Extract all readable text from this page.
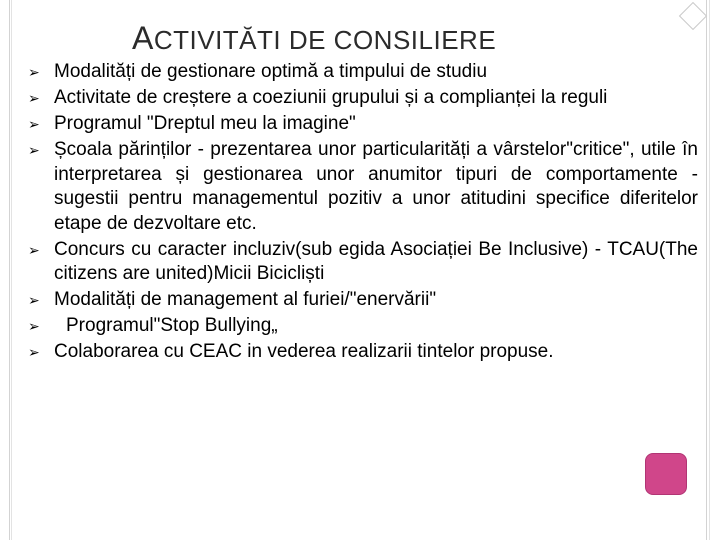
ACTIVITĂTI DE CONSILIERE
➢ Modalități de gestionare optimă a timpului de studiu
➢ Activitate de creștere a coeziunii grupului și a complianței la reguli
➢ Programul "Dreptul meu la imagine"
➢ Școala părinților - prezentarea unor particularități a vârstelor"critice", utile în interpretarea și gestionarea unor anumitor tipuri de comportamente - sugestii pentru managementul pozitiv a unor atitudini specifice diferitelor etape de dezvoltare etc.
➢ Concurs cu caracter incluziv(sub egida Asociației Be Inclusive) - TCAU(The citizens are united)Micii Bicicliști
➢ Modalități de management al furiei/"enervării"
➢ Programul"Stop Bullying„
➢ Colaborarea cu CEAC in vederea realizarii tintelor propuse.
